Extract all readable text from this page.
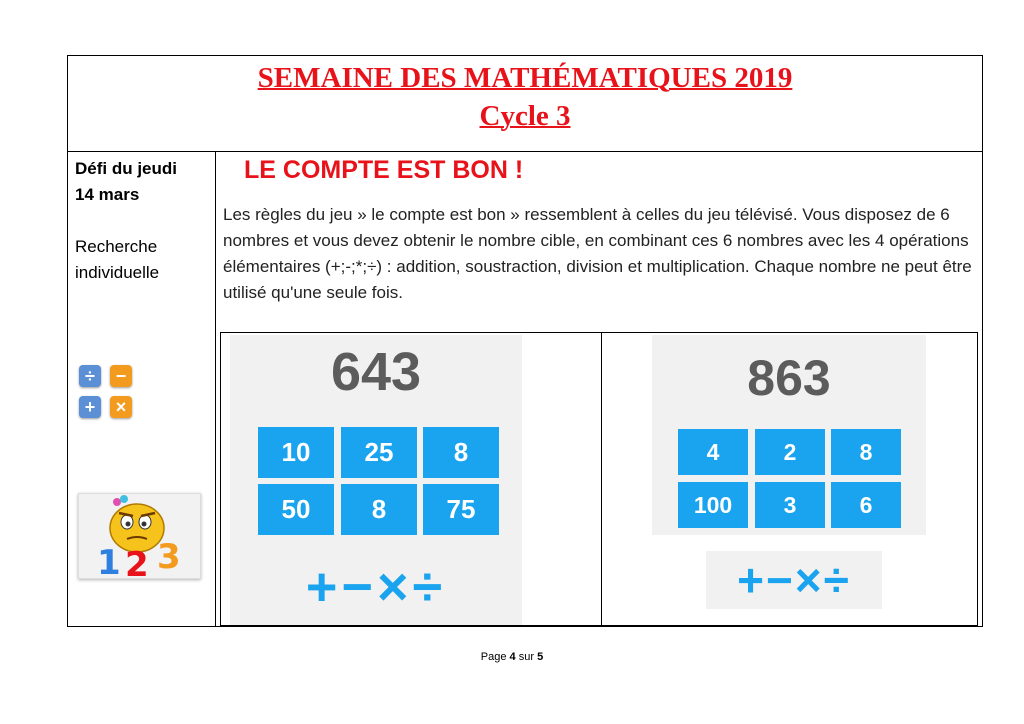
SEMAINE DES MATHÉMATIQUES 2019
Cycle 3
Défi du jeudi
14 mars
Recherche
individuelle
÷	−
+	×
1 2 3
LE COMPTE EST BON !
Les règles du jeu » le compte est bon » ressemblent à celles du jeu télévisé. Vous disposez de 6 nombres et vous devez obtenir le nombre cible, en combinant ces 6 nombres avec les 4 opérations élémentaires (+;-;*;÷) : addition, soustraction, division et multiplication. Chaque nombre ne peut être utilisé qu'une seule fois.
643
10	25	8
50	8	75
+−×÷
863
4	2	8
100	3	6
+−×÷
Page 4 sur 5
